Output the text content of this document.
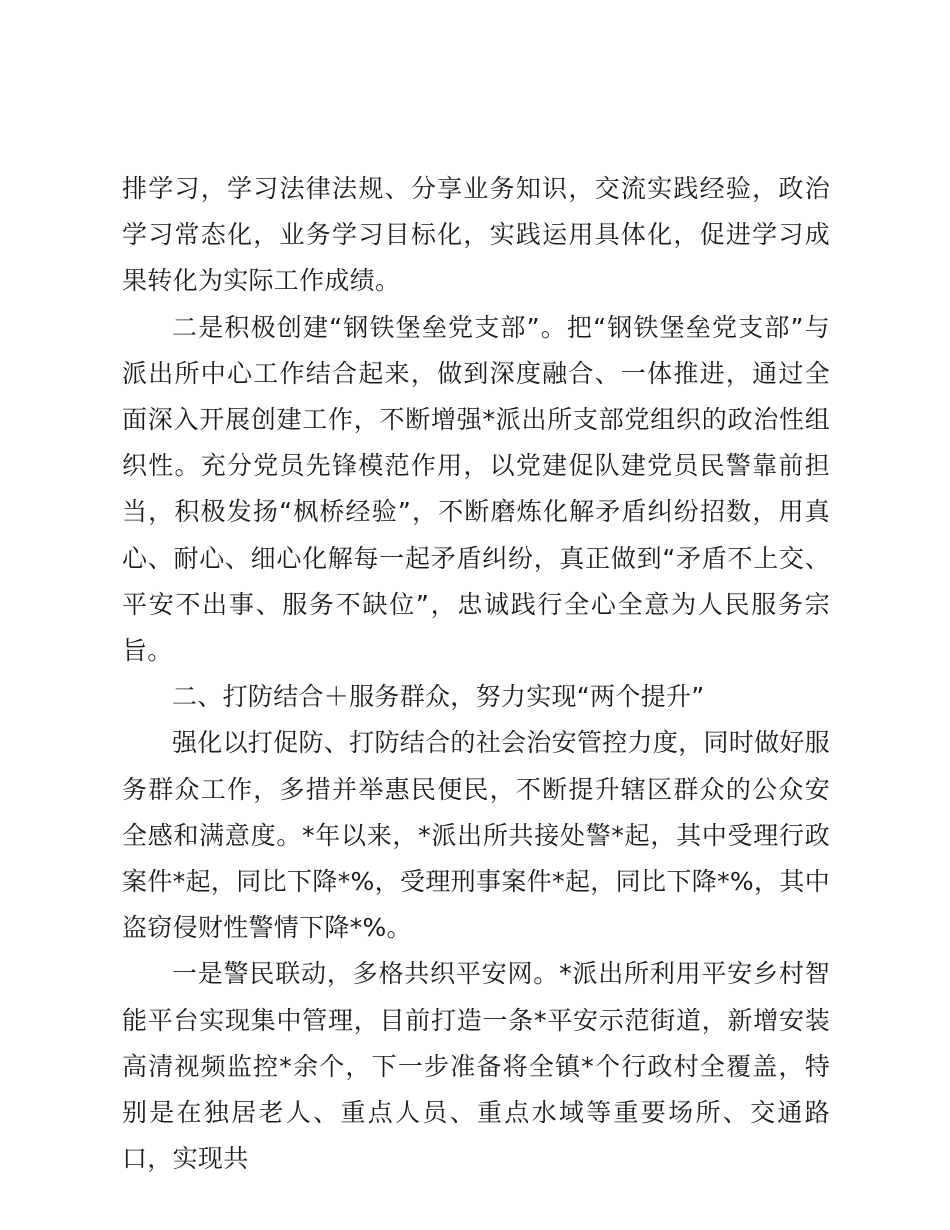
排学习，学习法律法规、分享业务知识，交流实践经验，政治学习常态化，业务学习目标化，实践运用具体化，促进学习成果转化为实际工作成绩。

二是积极创建“钢铁堡垒党支部”。把“钢铁堡垒党支部”与派出所中心工作结合起来，做到深度融合、一体推进，通过全面深入开展创建工作，不断增强*派出所支部党组织的政治性组织性。充分党员先锋模范作用，以党建促队建党员民警靠前担当，积极发扬“枫桥经验”，不断磨炼化解矛盾纠纷招数，用真心、耐心、细心化解每一起矛盾纠纷，真正做到“矛盾不上交、平安不出事、服务不缺位”，忠诚践行全心全意为人民服务宗旨。

二、打防结合＋服务群众，努力实现“两个提升”

强化以打促防、打防结合的社会治安管控力度，同时做好服务群众工作，多措并举惠民便民，不断提升辖区群众的公众安全感和满意度。*年以来，*派出所共接处警*起，其中受理行政案件*起，同比下降*%，受理刑事案件*起，同比下降*%，其中盗窃侵财性警情下降*%。

一是警民联动，多格共织平安网。*派出所利用平安乡村智能平台实现集中管理，目前打造一条*平安示范街道，新增安装高清视频监控*余个，下一步准备将全镇*个行政村全覆盖，特别是在独居老人、重点人员、重点水域等重要场所、交通路口，实现共
